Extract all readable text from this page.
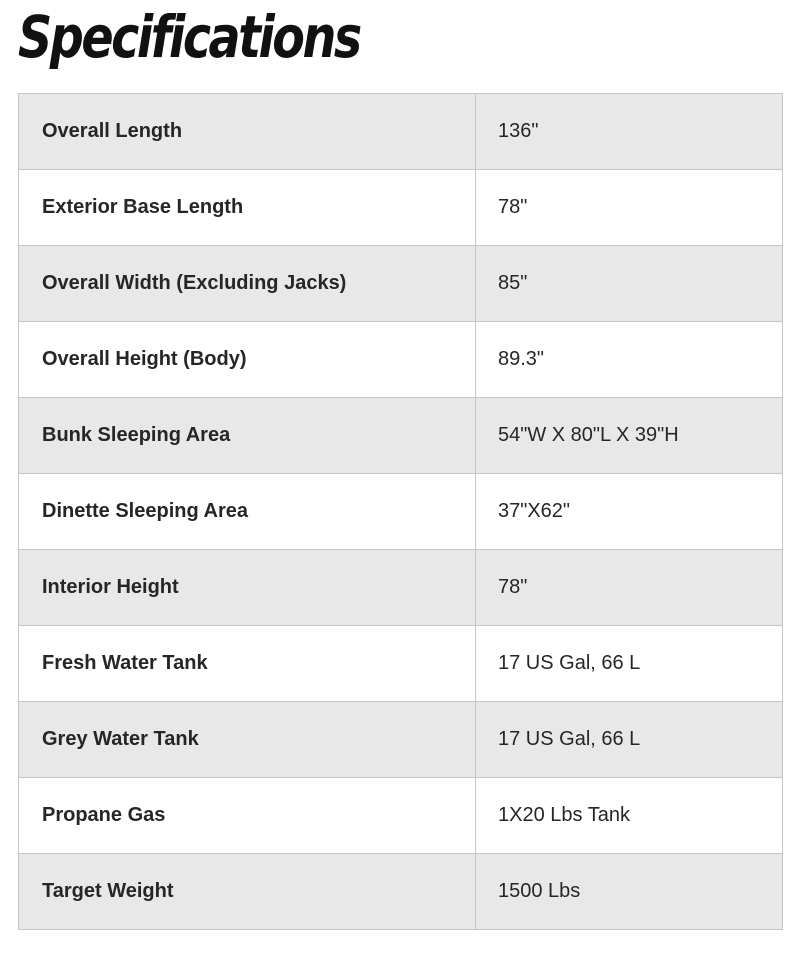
Specifications
Overall Length	136"
Exterior Base Length	78"
Overall Width (Excluding Jacks)	85"
Overall Height (Body)	89.3"
Bunk Sleeping Area	54"W X 80"L X 39"H
Dinette Sleeping Area	37"X62"
Interior Height	78"
Fresh Water Tank	17 US Gal, 66 L
Grey Water Tank	17 US Gal, 66 L
Propane Gas	1X20 Lbs Tank
Target Weight	1500 Lbs
